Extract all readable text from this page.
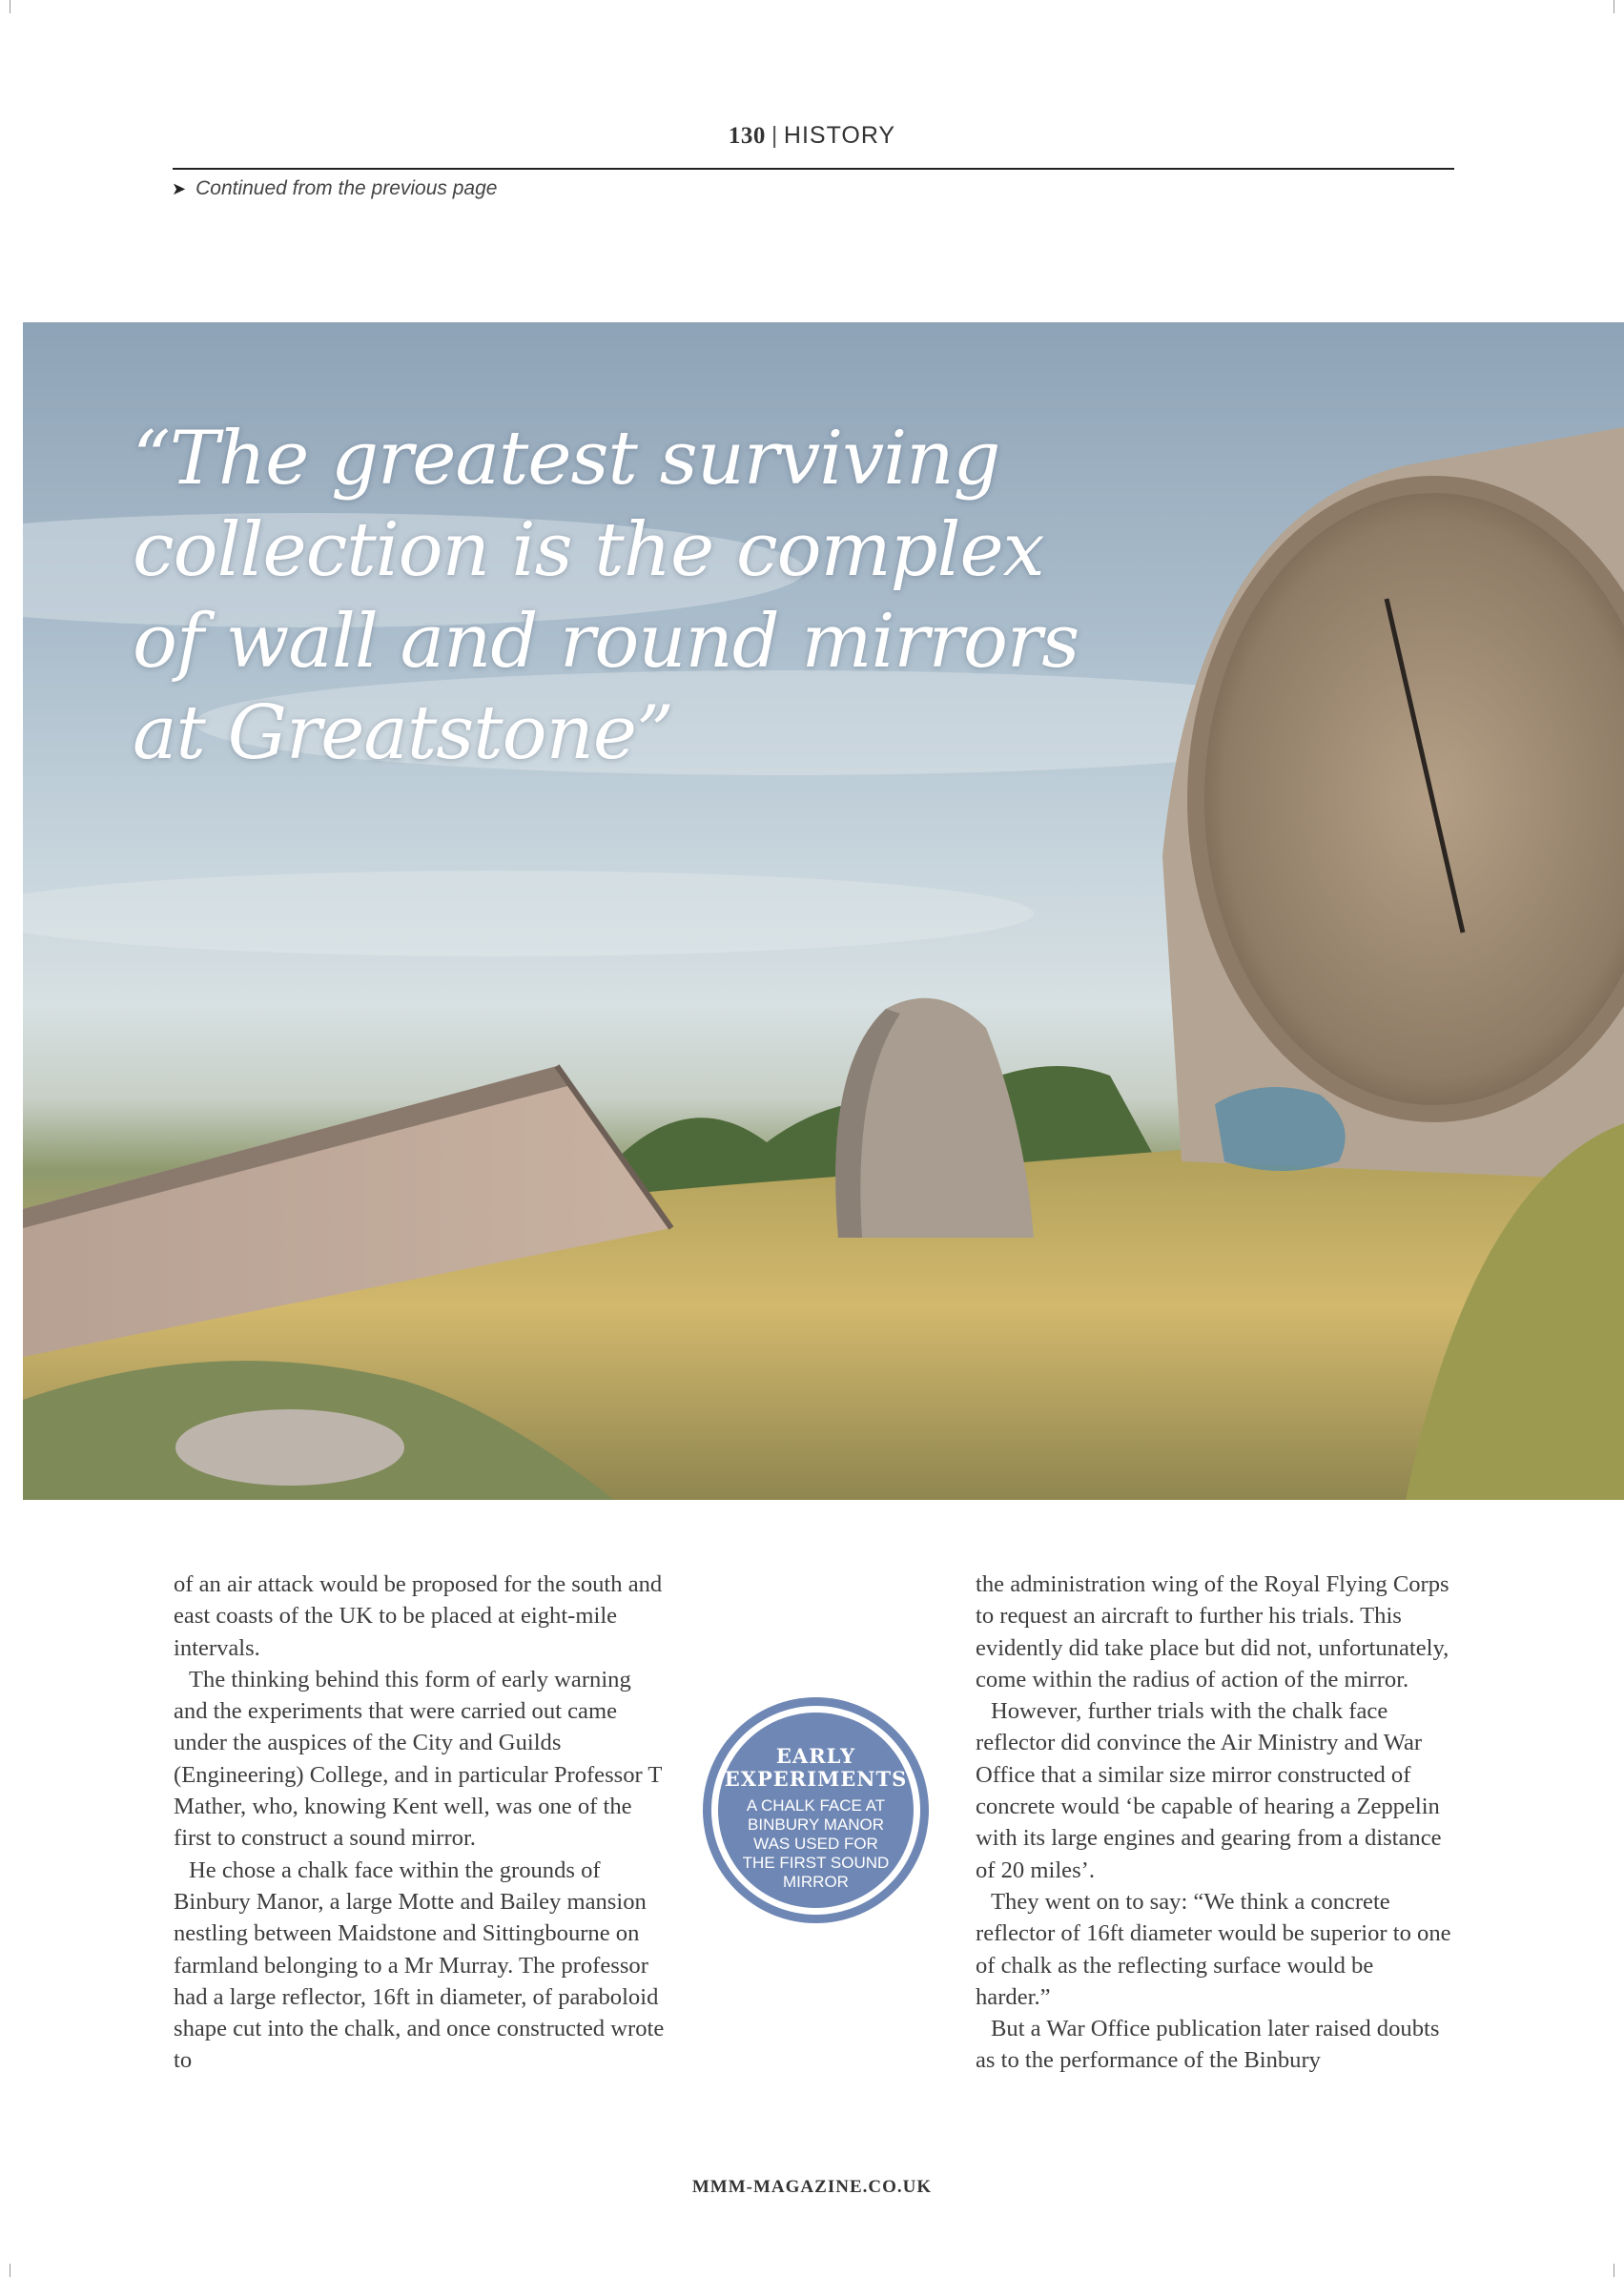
130 | HISTORY
➤ Continued from the previous page

“The greatest surviving
collection is the complex
of wall and round mirrors
at Greatstone”

of an air attack would be proposed for the south and east coasts of the UK to be placed at eight-mile intervals.

The thinking behind this form of early warning and the experiments that were carried out came under the auspices of the City and Guilds (Engineering) College, and in particular Professor T Mather, who, knowing Kent well, was one of the first to construct a sound mirror.

He chose a chalk face within the grounds of Binbury Manor, a large Motte and Bailey mansion nestling between Maidstone and Sittingbourne on farmland belonging to a Mr Murray. The professor had a large reflector, 16ft in diameter, of paraboloid shape cut into the chalk, and once constructed wrote to

EARLY
EXPERIMENTS
A CHALK FACE AT
BINBURY MANOR
WAS USED FOR
THE FIRST SOUND
MIRROR

the administration wing of the Royal Flying Corps to request an aircraft to further his trials. This evidently did take place but did not, unfortunately, come within the radius of action of the mirror.

However, further trials with the chalk face reflector did convince the Air Ministry and War Office that a similar size mirror constructed of concrete would ‘be capable of hearing a Zeppelin with its large engines and gearing from a distance of 20 miles’.

They went on to say: “We think a concrete reflector of 16ft diameter would be superior to one of chalk as the reflecting surface would be harder.”

But a War Office publication later raised doubts as to the performance of the Binbury

MMM-MAGAZINE.CO.UK
